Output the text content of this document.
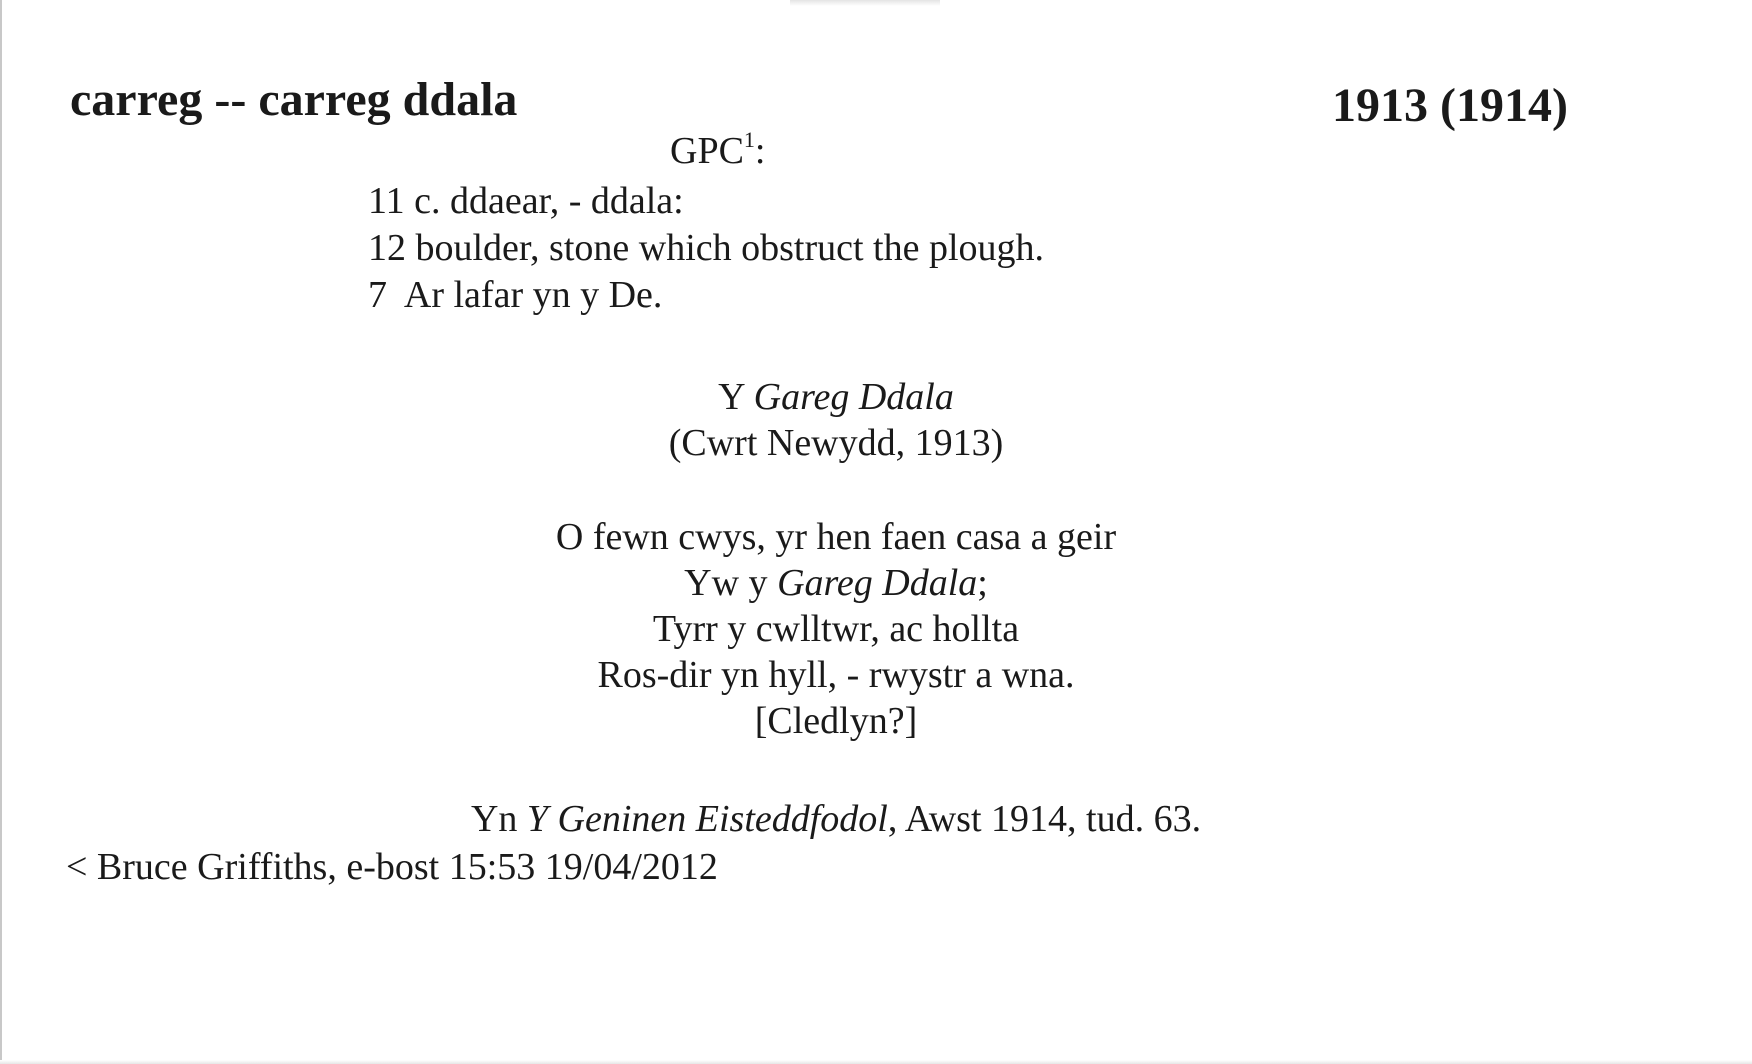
carreg -- carreg ddala	1913 (1914)
GPC$^1$:
11 c. ddaear, - ddala:
12 boulder, stone which obstruct the plough.
7  Ar lafar yn y De.
Y Gareg Ddala
(Cwrt Newydd, 1913)
O fewn cwys, yr hen faen casa a geir
Yw y Gareg Ddala;
Tyrr y cwlltwr, ac hollta
Ros-dir yn hyll, - rwystr a wna.
[Cledlyn?]
Yn Y Geninen Eisteddfodol, Awst 1914, tud. 63.
< Bruce Griffiths, e-bost 15:53 19/04/2012
